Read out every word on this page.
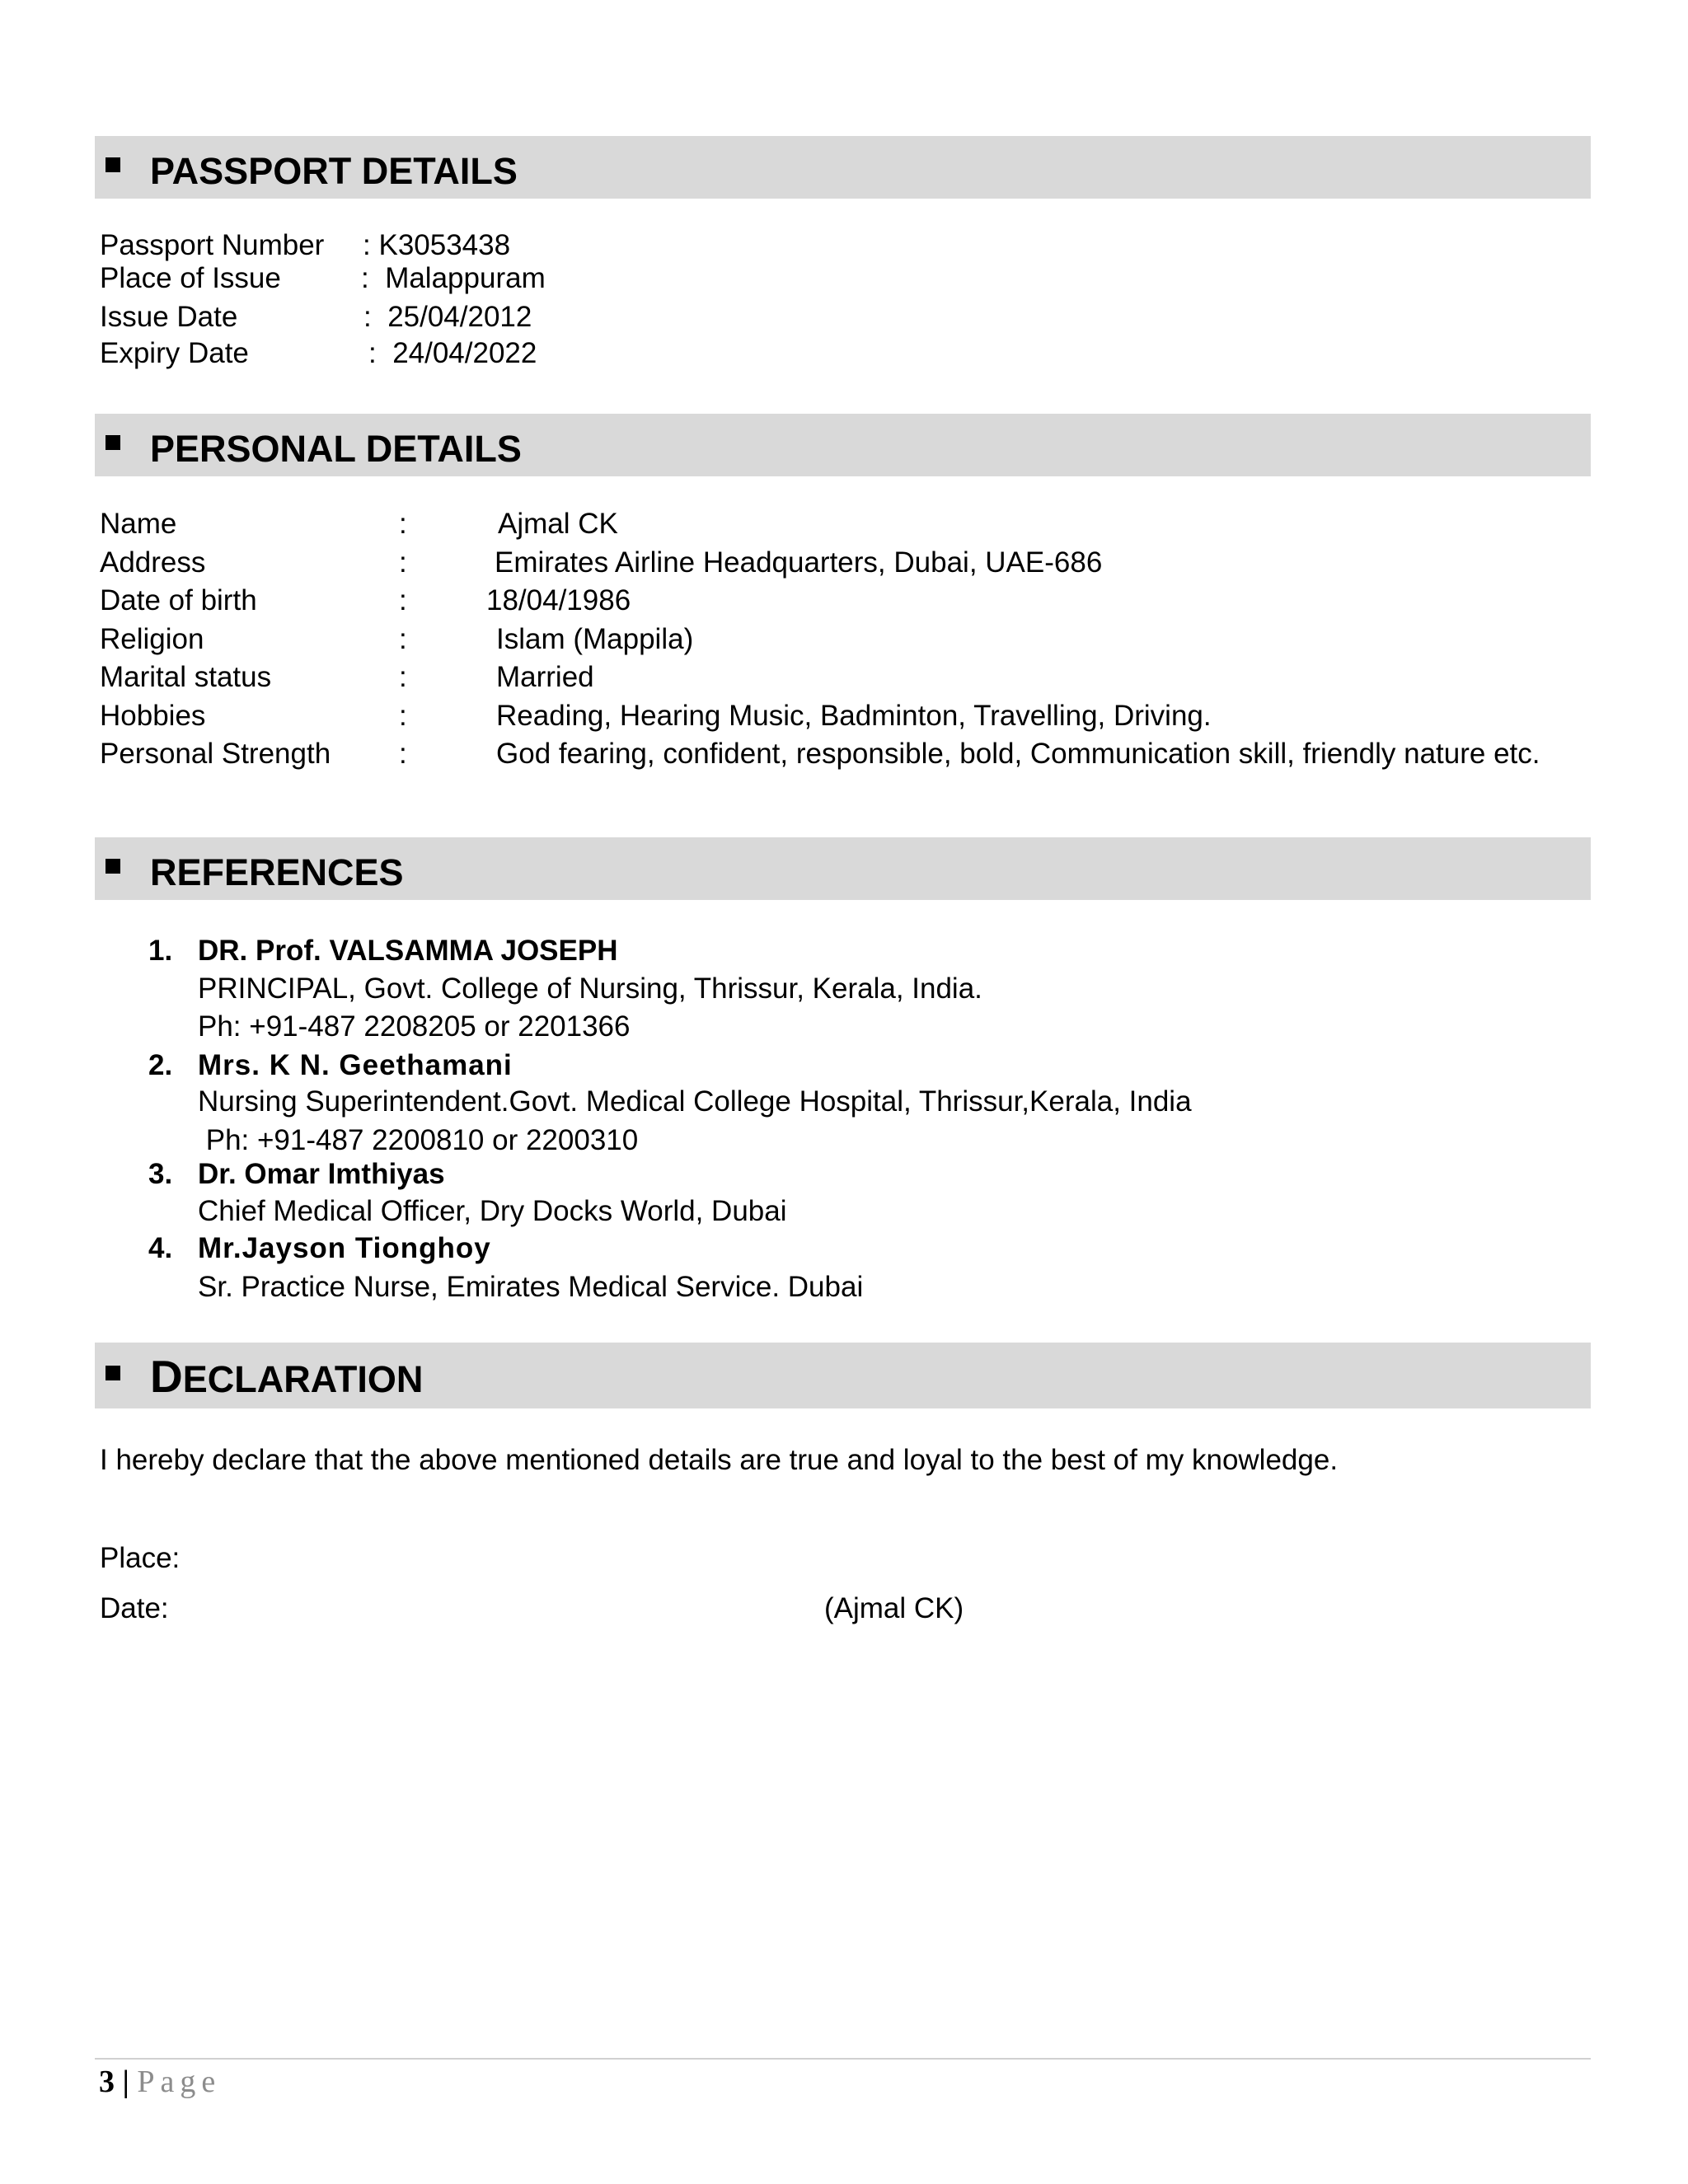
PASSPORT DETAILS
Passport Number : K3053438
Place of Issue	: Malappuram
Issue Date	: 25/04/2012
Expiry Date	: 24/04/2022
PERSONAL DETAILS
Name	:	Ajmal CK
Address	:	Emirates Airline Headquarters, Dubai, UAE-686
Date of birth	:	18/04/1986
Religion	:	Islam (Mappila)
Marital status	:	Married
Hobbies	:	Reading, Hearing Music, Badminton, Travelling, Driving.
Personal Strength :	God fearing, confident, responsible, bold, Communication skill, friendly nature etc.
REFERENCES
1. DR. Prof. VALSAMMA JOSEPH
PRINCIPAL, Govt. College of Nursing, Thrissur, Kerala, India.
Ph: +91-487 2208205 or 2201366
2. Mrs. K N. Geethamani
Nursing Superintendent.Govt. Medical College Hospital, Thrissur,Kerala, India
Ph: +91-487 2200810 or 2200310
3. Dr. Omar Imthiyas
Chief Medical Officer, Dry Docks World, Dubai
4. Mr.Jayson Tionghoy
Sr. Practice Nurse, Emirates Medical Service. Dubai
DECLARATION
I hereby declare that the above mentioned details are true and loyal to the best of my knowledge.
Place:
Date:	(Ajmal CK)
3 | Page
